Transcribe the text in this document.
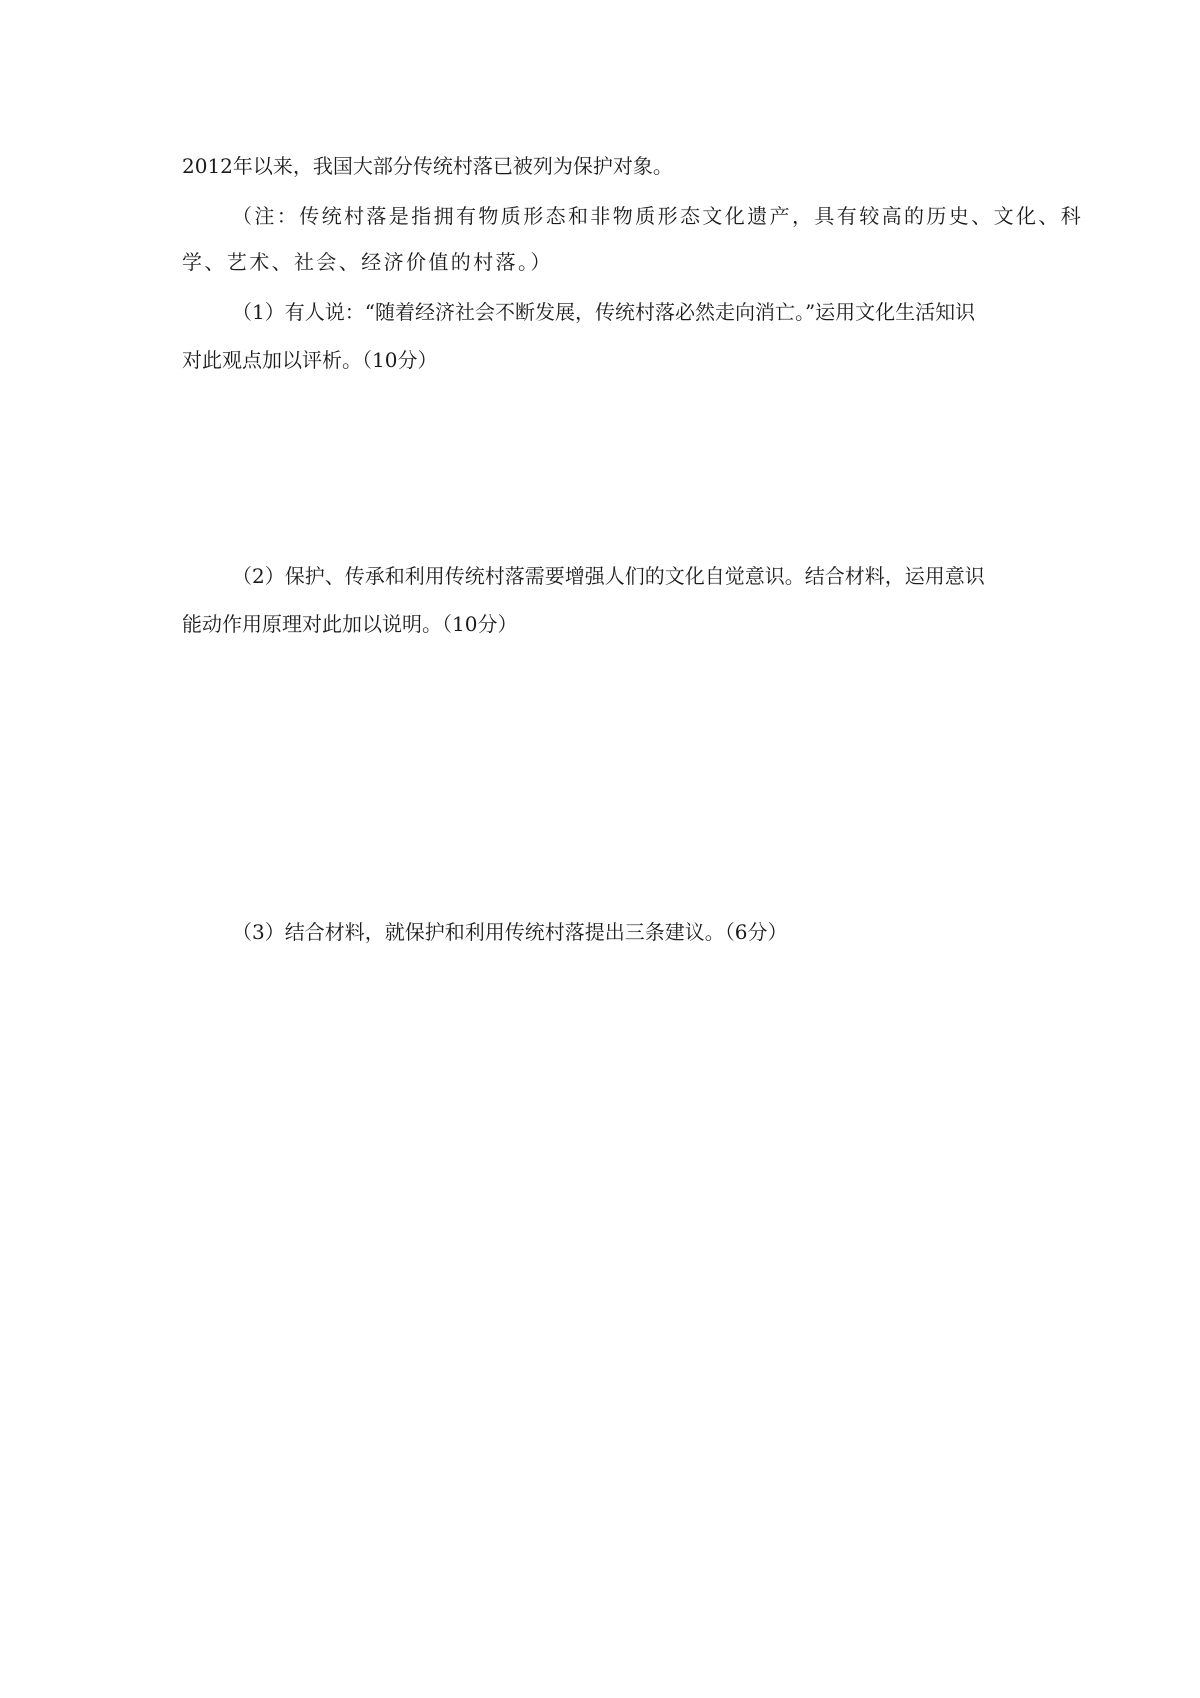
2012年以来，我国大部分传统村落已被列为保护对象。
（注：传统村落是指拥有物质形态和非物质形态文化遗产，具有较高的历史、文化、科
学、艺术、社会、经济价值的村落。）
（1）有人说：“随着经济社会不断发展，传统村落必然走向消亡。”运用文化生活知识
对此观点加以评析。（10分）
（2）保护、传承和利用传统村落需要增强人们的文化自觉意识。结合材料，运用意识
能动作用原理对此加以说明。（10分）
（3）结合材料，就保护和利用传统村落提出三条建议。（6分）
